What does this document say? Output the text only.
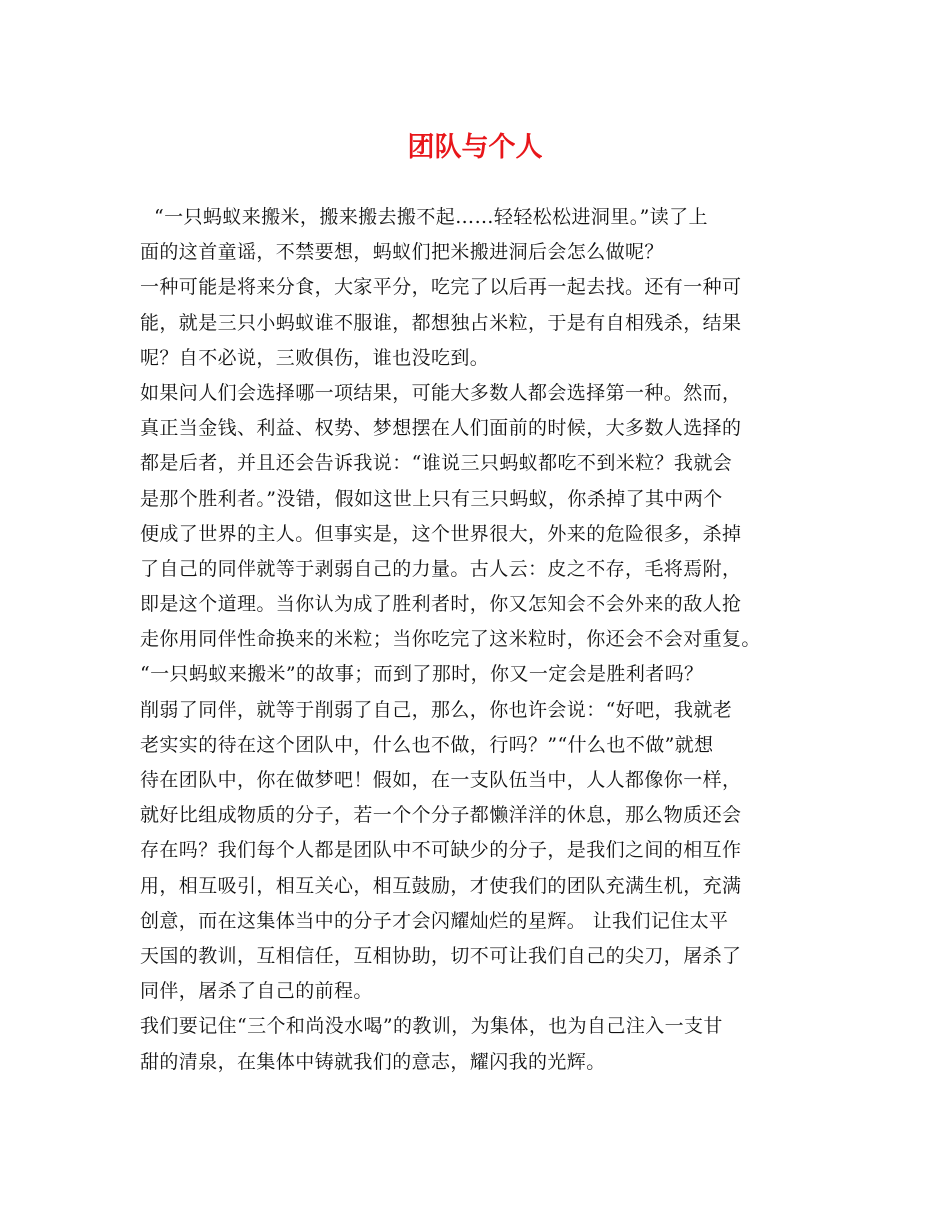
团队与个人
“一只蚂蚁来搬米，搬来搬去搬不起……轻轻松松进洞里。”读了上
面的这首童谣，不禁要想，蚂蚁们把米搬进洞后会怎么做呢？
一种可能是将来分食，大家平分，吃完了以后再一起去找。还有一种可
能，就是三只小蚂蚁谁不服谁，都想独占米粒，于是有自相残杀，结果
呢？自不必说，三败俱伤，谁也没吃到。
如果问人们会选择哪一项结果，可能大多数人都会选择第一种。然而，
真正当金钱、利益、权势、梦想摆在人们面前的时候，大多数人选择的
都是后者，并且还会告诉我说：“谁说三只蚂蚁都吃不到米粒？我就会
是那个胜利者。”没错，假如这世上只有三只蚂蚁，你杀掉了其中两个
便成了世界的主人。但事实是，这个世界很大，外来的危险很多，杀掉
了自己的同伴就等于剥弱自己的力量。古人云：皮之不存，毛将焉附，
即是这个道理。当你认为成了胜利者时，你又怎知会不会外来的敌人抢
走你用同伴性命换来的米粒；当你吃完了这米粒时，你还会不会对重复。
“一只蚂蚁来搬米”的故事；而到了那时，你又一定会是胜利者吗？
削弱了同伴，就等于削弱了自己，那么，你也许会说：“好吧，我就老
老实实的待在这个团队中，什么也不做，行吗？”“什么也不做”就想
待在团队中，你在做梦吧！假如，在一支队伍当中，人人都像你一样，
就好比组成物质的分子，若一个个分子都懒洋洋的休息，那么物质还会
存在吗？我们每个人都是团队中不可缺少的分子，是我们之间的相互作
用，相互吸引，相互关心，相互鼓励，才使我们的团队充满生机，充满
创意，而在这集体当中的分子才会闪耀灿烂的星辉。 让我们记住太平
天国的教训，互相信任，互相协助，切不可让我们自己的尖刀，屠杀了
同伴，屠杀了自己的前程。
我们要记住“三个和尚没水喝”的教训，为集体，也为自己注入一支甘
甜的清泉，在集体中铸就我们的意志，耀闪我的光辉。
